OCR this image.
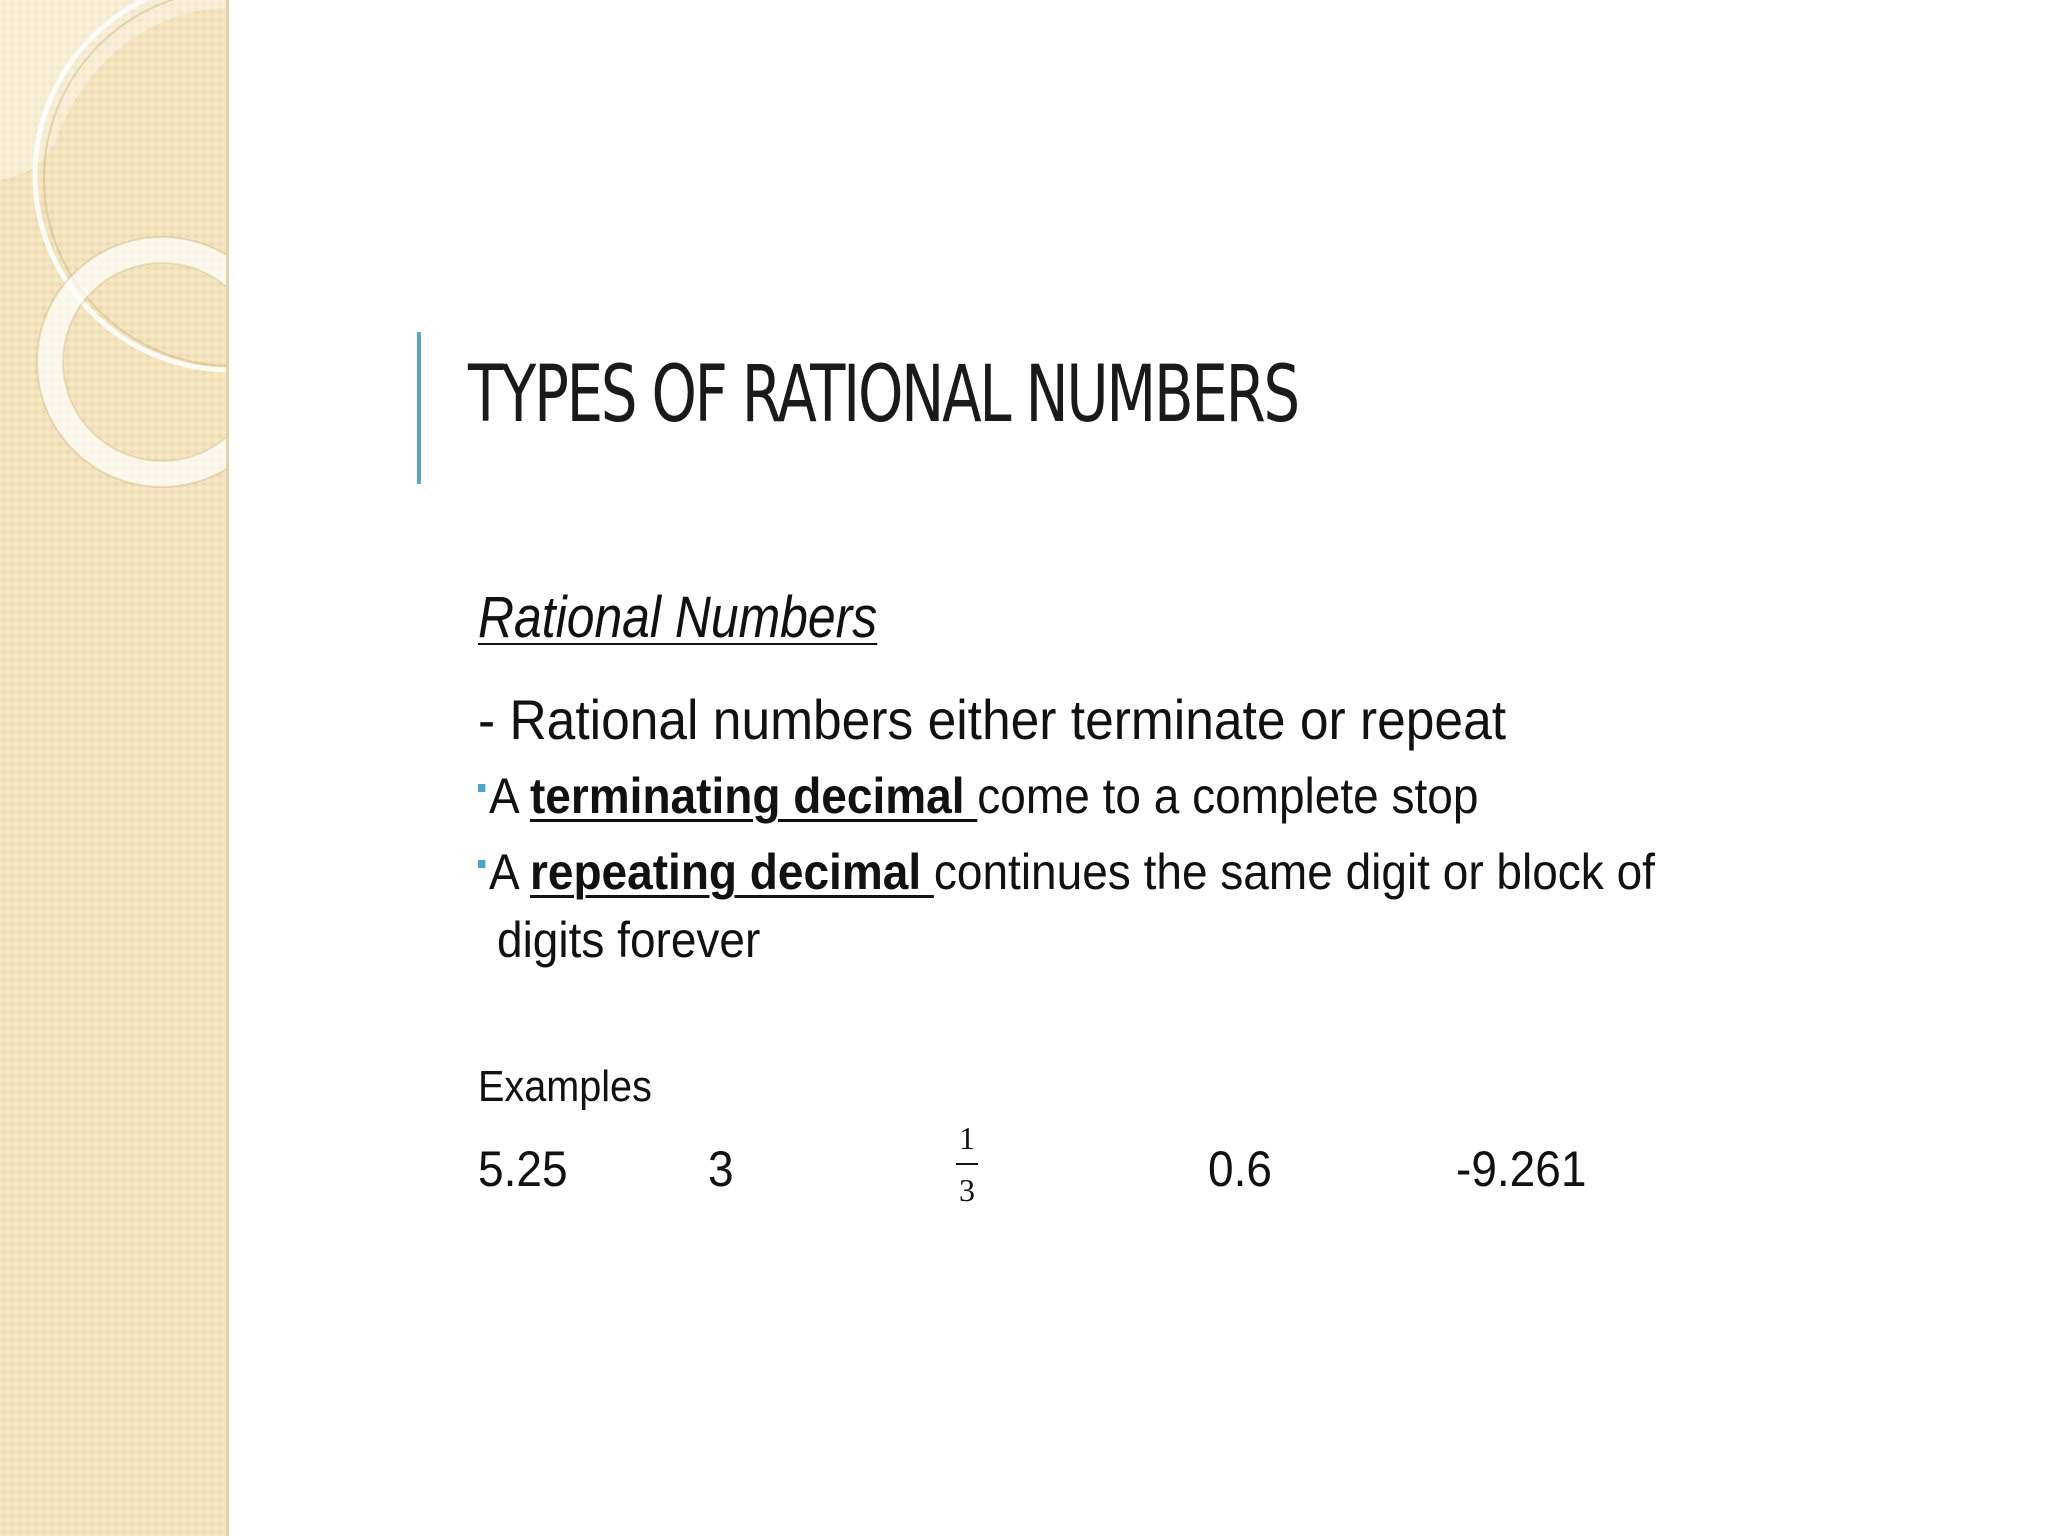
TYPES OF RATIONAL NUMBERS
Rational Numbers
- Rational numbers either terminate or repeat
A terminating decimal come to a complete stop
A repeating decimal continues the same digit or block of
digits forever
Examples
5.25	3
1
3	0.6	-9.261
